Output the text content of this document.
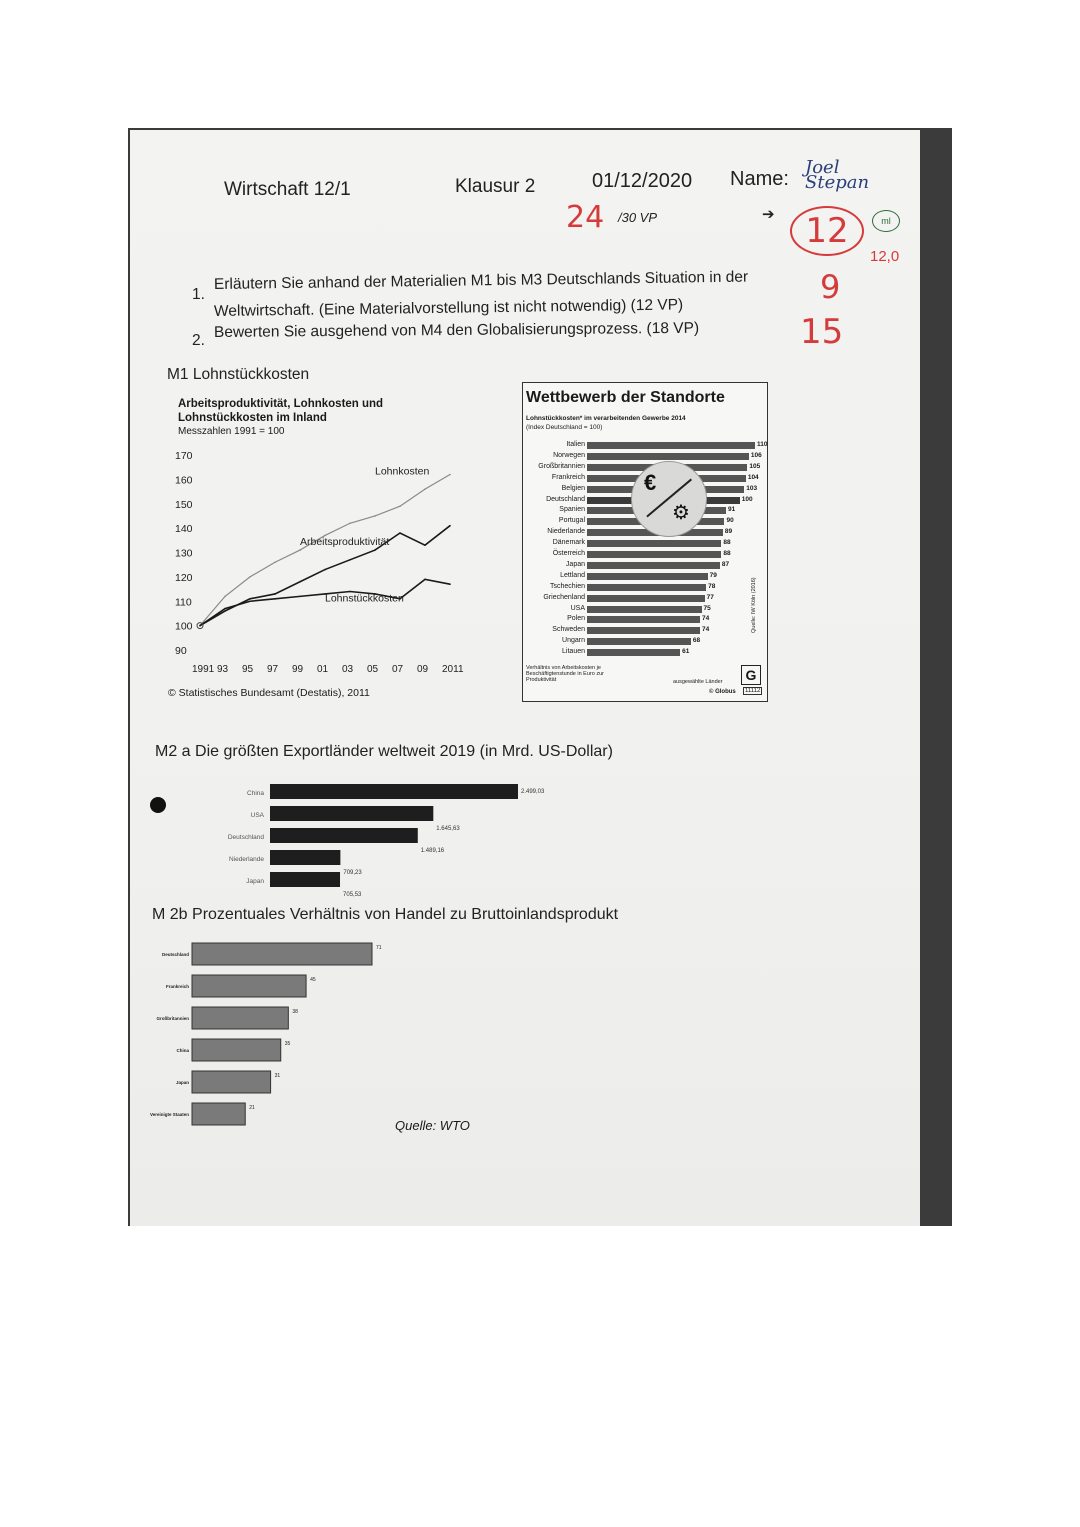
Wirtschaft 12/1	Klausur 2	01/12/2020 Name:
Joel Stepan
24 /30 VP	➔ 12	ml
12,0
1.
Erläutern Sie anhand der Materialien M1 bis M3 Deutschlands Situation in der
Weltwirtschaft. (Eine Materialvorstellung ist nicht notwendig) (12 VP)
2. Bewerten Sie ausgehend von M4 den Globalisierungsprozess. (18 VP)
9
15
M1 Lohnstückkosten
Arbeitsproduktivität, Lohnkosten und
Lohnstückkosten im Inland
Messzahlen 1991 = 100
90
100
110
120
130
140
150
160
170
1991 93 95 97 99 01 03 05 07 09 2011
Lohnkosten
Arbeitsproduktivität
Lohnstückkosten
© Statistisches Bundesamt (Destatis), 2011
Wettbewerb der Standorte
Lohnstückkosten* im verarbeitenden Gewerbe 2014
(Index Deutschland = 100)
Italien	110
Norwegen	106
Großbritannien	105
Frankreich	104
Belgien	103
Deutschland	100
Spanien	91
Portugal	90
Niederlande	89
Dänemark	88
Österreich	88
Japan	87
Lettland	79
Tschechien	78
Griechenland	77
USA	75
Polen	74
Schweden	74
Ungarn	68
Litauen	61
€
⚙
Verhältnis von Arbeitskosten je
Beschäftigtenstunde in Euro zur
Produktivität	ausgewählte Länder
© Globus	11112
G
Quelle: IW Köln (2016)
M2 a Die größten Exportländer weltweit 2019 (in Mrd. US-Dollar)
China	2.499,03
USA
1.645,63
Deutschland
1.489,16
Niederlande
709,23
Japan
705,53
M 2b Prozentuales Verhältnis von Handel zu Bruttoinlandsprodukt
Deutschland
71
Frankreich
45
Großbritannien
38
China
35
Japan
31
Vereinigte Staaten
21
Quelle: WTO
